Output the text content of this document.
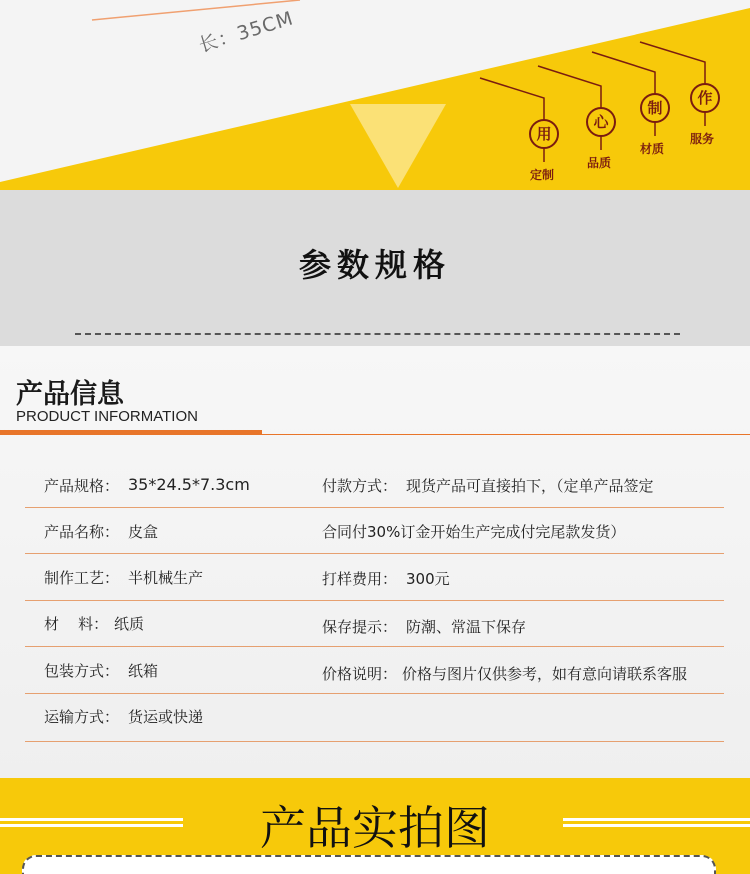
长：35CM
用
定制
心
品质
制
材质
作
服务
参数规格
产品信息
PRODUCT INFORMATION
产品规格： 35*24.5*7.3cm	付款方式： 现货产品可直接拍下，（定单产品签定
产品名称： 皮盒	合同付30%订金开始生产完成付完尾款发货）
制作工艺： 半机械生产	打样费用： 300元
材    料： 纸质	保存提示： 防潮、常温下保存
包装方式： 纸箱	价格说明： 价格与图片仅供参考，如有意向请联系客服
运输方式： 货运或快递
产品实拍图
